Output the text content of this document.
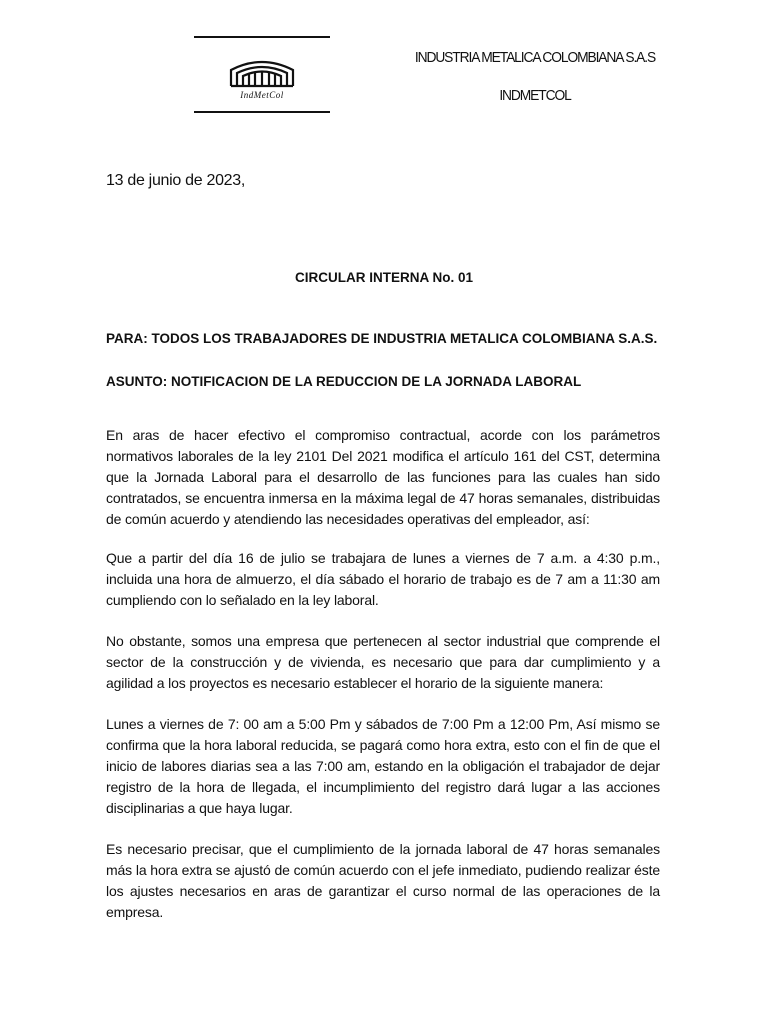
IndMetCol
INDUSTRIA METALICA COLOMBIANA S.A.S
INDMETCOL
13 de junio de 2023,
CIRCULAR INTERNA No. 01
PARA: TODOS LOS TRABAJADORES DE INDUSTRIA METALICA COLOMBIANA S.A.S.
ASUNTO: NOTIFICACION DE LA REDUCCION DE LA JORNADA LABORAL
En aras de hacer efectivo el compromiso contractual, acorde con los parámetros normativos laborales de la ley 2101 Del 2021 modifica el artículo 161 del CST, determina que la Jornada Laboral para el desarrollo de las funciones para las cuales han sido contratados, se encuentra inmersa en la máxima legal de 47 horas semanales, distribuidas de común acuerdo y atendiendo las necesidades operativas del empleador, así:
Que a partir del día 16 de julio se trabajara de lunes a viernes de 7 a.m. a 4:30 p.m., incluida una hora de almuerzo, el día sábado el horario de trabajo es de 7 am a 11:30 am cumpliendo con lo señalado en la ley laboral.
No obstante, somos una empresa que pertenecen al sector industrial que comprende el sector de la construcción y de vivienda, es necesario que para dar cumplimiento y a agilidad a los proyectos es necesario establecer el horario de la siguiente manera:
Lunes a viernes de 7: 00 am a 5:00 Pm y sábados de 7:00 Pm a 12:00 Pm, Así mismo se confirma que la hora laboral reducida, se pagará como hora extra, esto con el fin de que el inicio de labores diarias sea a las 7:00 am, estando en la obligación el trabajador de dejar registro de la hora de llegada, el incumplimiento del registro dará lugar a las acciones disciplinarias a que haya lugar.
Es necesario precisar, que el cumplimiento de la jornada laboral de 47 horas semanales más la hora extra se ajustó de común acuerdo con el jefe inmediato, pudiendo realizar éste los ajustes necesarios en aras de garantizar el curso normal de las operaciones de la empresa.
